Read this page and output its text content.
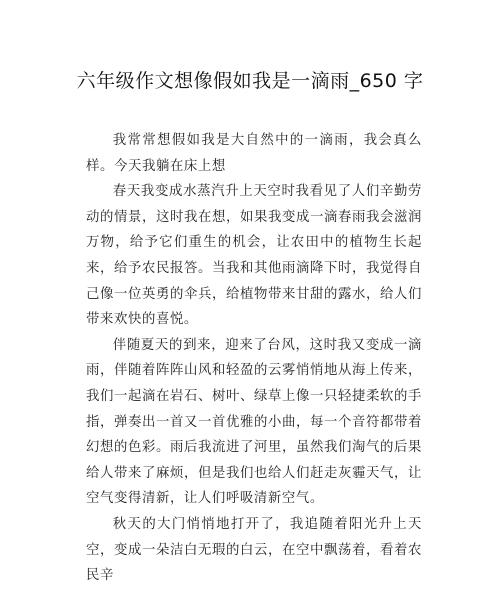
六年级作文想像假如我是一滴雨_650 字

我常常想假如我是大自然中的一滴雨，我会真么样。今天我躺在床上想

春天我变成水蒸汽升上天空时我看见了人们辛勤劳动的情景，这时我在想，如果我变成一滴春雨我会滋润万物，给予它们重生的机会，让农田中的植物生长起来，给予农民报答。当我和其他雨滴降下时，我觉得自己像一位英勇的伞兵，给植物带来甘甜的露水，给人们带来欢快的喜悦。

伴随夏天的到来，迎来了台风，这时我又变成一滴雨，伴随着阵阵山风和轻盈的云雾悄悄地从海上传来，我们一起滴在岩石、树叶、绿草上像一只轻捷柔软的手指，弹奏出一首又一首优雅的小曲，每一个音符都带着幻想的色彩。雨后我流进了河里，虽然我们淘气的后果给人带来了麻烦，但是我们也给人们赶走灰霾天气，让空气变得清新，让人们呼吸清新空气。

秋天的大门悄悄地打开了，我追随着阳光升上天空，变成一朵洁白无瑕的白云，在空中飘荡着，看着农民辛
